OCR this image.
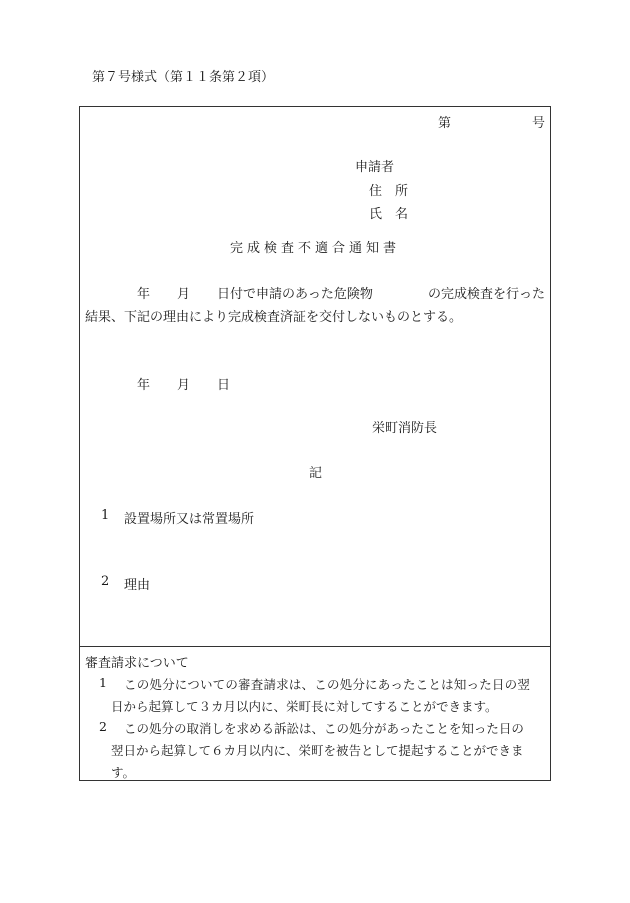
第７号様式（第１１条第２項）
第	号
申請者
住　所
氏　名
完成検査不適合通知書
年 月 日付で申請のあった危険物	の完成検査を行った
結果、下記の理由により完成検査済証を交付しないものとする。
年 月 日
栄町消防長
記
1 設置場所又は常置場所
2 理由
審査請求について
1 この処分についての審査請求は、この処分にあったことは知った日の翌
日から起算して３カ月以内に、栄町長に対してすることができます。
2 この処分の取消しを求める訴訟は、この処分があったことを知った日の
翌日から起算して６カ月以内に、栄町を被告として提起することができま
す。
